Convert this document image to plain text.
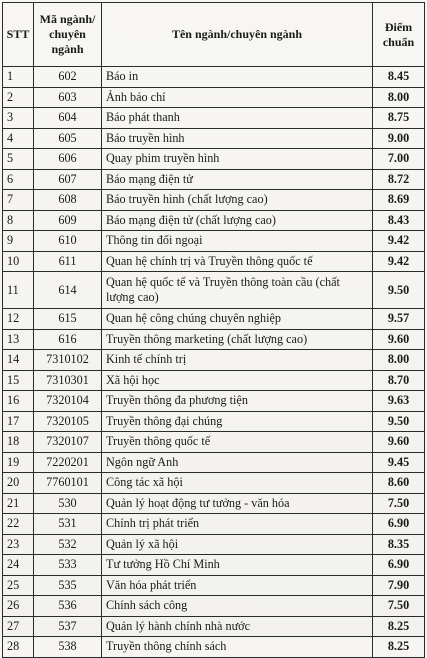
STT	Mã ngành/ chuyên ngành	Tên ngành/chuyên ngành	Điểm chuẩn
1	602	Báo in	8.45
2	603	Ảnh báo chí	8.00
3	604	Báo phát thanh	8.75
4	605	Báo truyền hình	9.00
5	606	Quay phim truyền hình	7.00
6	607	Báo mạng điện tử	8.72
7	608	Báo truyền hình (chất lượng cao)	8.69
8	609	Báo mạng điện tử (chất lượng cao)	8.43
9	610	Thông tin đối ngoại	9.42
10	611	Quan hệ chính trị và Truyền thông quốc tế	9.42
11	614	Quan hệ quốc tế và Truyền thông toàn cầu (chất lượng cao)	9.50
12	615	Quan hệ công chúng chuyên nghiệp	9.57
13	616	Truyền thông marketing (chất lượng cao)	9.60
14	7310102	Kinh tế chính trị	8.00
15	7310301	Xã hội học	8.70
16	7320104	Truyền thông đa phương tiện	9.63
17	7320105	Truyền thông đại chúng	9.50
18	7320107	Truyền thông quốc tế	9.60
19	7220201	Ngôn ngữ Anh	9.45
20	7760101	Công tác xã hội	8.60
21	530	Quản lý hoạt động tư tưởng - văn hóa	7.50
22	531	Chính trị phát triển	6.90
23	532	Quản lý xã hội	8.35
24	533	Tư tưởng Hồ Chí Minh	6.90
25	535	Văn hóa phát triển	7.90
26	536	Chính sách công	7.50
27	537	Quản lý hành chính nhà nước	8.25
28	538	Truyền thông chính sách	8.25
